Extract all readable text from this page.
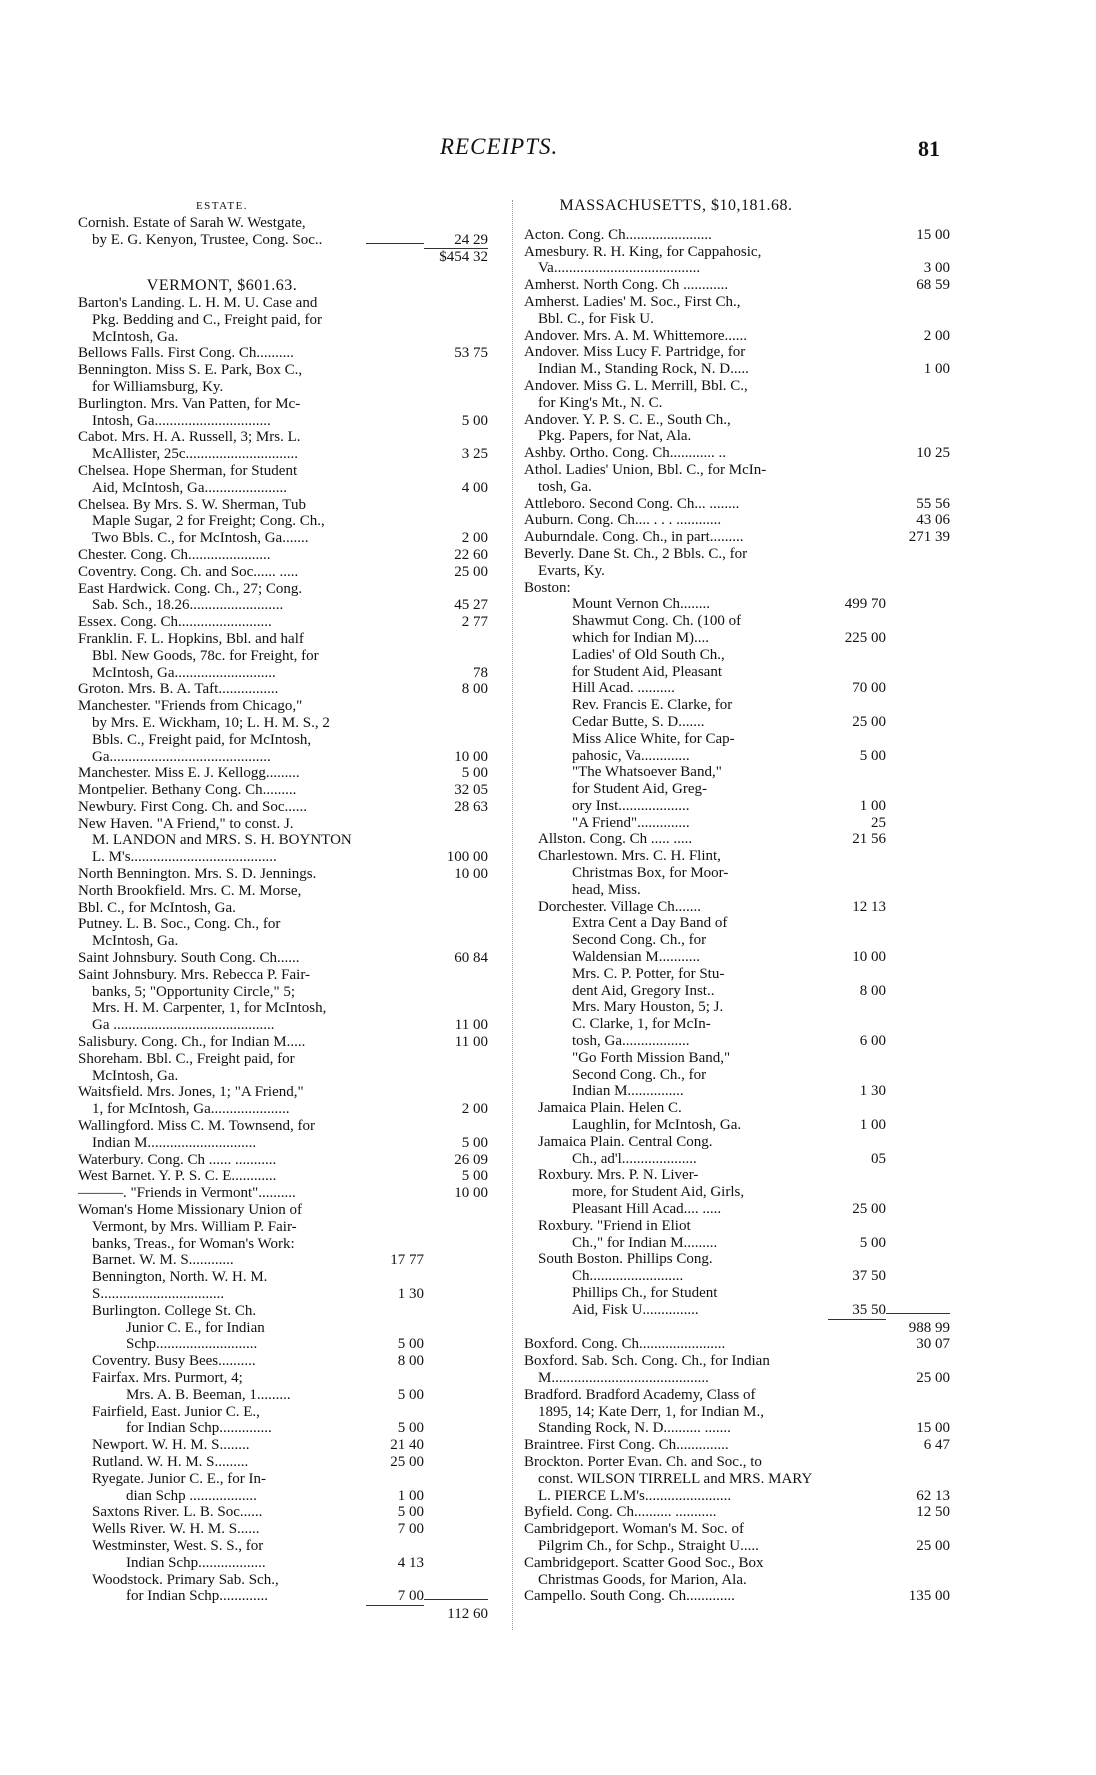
RECEIPTS.	81
ESTATE.
Cornish. Estate of Sarah W. Westgate,
by E. G. Kenyon, Trustee, Cong. Soc..	24 29
$454 32
VERMONT, $601.63.
Barton's Landing. L. H. M. U. Case and
Pkg. Bedding and C., Freight paid, for
McIntosh, Ga.
Bellows Falls. First Cong. Ch..........	53 75
Bennington. Miss S. E. Park, Box C.,
for Williamsburg, Ky.
Burlington. Mrs. Van Patten, for Mc-
Intosh, Ga...............................	5 00
Cabot. Mrs. H. A. Russell, 3; Mrs. L.
McAllister, 25c..............................	3 25
Chelsea. Hope Sherman, for Student
Aid, McIntosh, Ga......................	4 00
Chelsea. By Mrs. S. W. Sherman, Tub
Maple Sugar, 2 for Freight; Cong. Ch.,
Two Bbls. C., for McIntosh, Ga.......	2 00
Chester. Cong. Ch......................	22 60
Coventry. Cong. Ch. and Soc...... .....	25 00
East Hardwick. Cong. Ch., 27; Cong.
Sab. Sch., 18.26.........................	45 27
Essex. Cong. Ch.........................	2 77
Franklin. F. L. Hopkins, Bbl. and half
Bbl. New Goods, 78c. for Freight, for
McIntosh, Ga...........................	78
Groton. Mrs. B. A. Taft................	8 00
Manchester. "Friends from Chicago,"
by Mrs. E. Wickham, 10; L. H. M. S., 2
Bbls. C., Freight paid, for McIntosh,
Ga...........................................	10 00
Manchester. Miss E. J. Kellogg.........	5 00
Montpelier. Bethany Cong. Ch.........	32 05
Newbury. First Cong. Ch. and Soc......	28 63
New Haven. "A Friend," to const. J.
M. LANDON and MRS. S. H. BOYNTON
L. M's.......................................	100 00
North Bennington. Mrs. S. D. Jennings.	10 00
North Brookfield. Mrs. C. M. Morse,
Bbl. C., for McIntosh, Ga.
Putney. L. B. Soc., Cong. Ch., for
McIntosh, Ga.
Saint Johnsbury. South Cong. Ch......	60 84
Saint Johnsbury. Mrs. Rebecca P. Fair-
banks, 5; "Opportunity Circle," 5;
Mrs. H. M. Carpenter, 1, for McIntosh,
Ga ...........................................	11 00
Salisbury. Cong. Ch., for Indian M.....	11 00
Shoreham. Bbl. C., Freight paid, for
McIntosh, Ga.
Waitsfield. Mrs. Jones, 1; "A Friend,"
1, for McIntosh, Ga.....................	2 00
Wallingford. Miss C. M. Townsend, for
Indian M.............................	5 00
Waterbury. Cong. Ch ...... ...........	26 09
West Barnet. Y. P. S. C. E............	5 00
———. "Friends in Vermont"..........	10 00
Woman's Home Missionary Union of
Vermont, by Mrs. William P. Fair-
banks, Treas., for Woman's Work:
Barnet. W. M. S............	17 77
Bennington, North. W. H. M.
S.................................	1 30
Burlington. College St. Ch.
Junior C. E., for Indian
Schp...........................	5 00
Coventry. Busy Bees..........	8 00
Fairfax. Mrs. Purmort, 4;
Mrs. A. B. Beeman, 1.........	5 00
Fairfield, East. Junior C. E.,
for Indian Schp..............	5 00
Newport. W. H. M. S........	21 40
Rutland. W. H. M. S.........	25 00
Ryegate. Junior C. E., for In-
dian Schp ..................	1 00
Saxtons River. L. B. Soc......	5 00
Wells River. W. H. M. S......	7 00
Westminster, West. S. S., for
Indian Schp..................	4 13
Woodstock. Primary Sab. Sch.,
for Indian Schp.............	7 00
112 60
MASSACHUSETTS, $10,181.68.
Acton. Cong. Ch.......................	15 00
Amesbury. R. H. King, for Cappahosic,
Va.......................................	3 00
Amherst. North Cong. Ch ............	68 59
Amherst. Ladies' M. Soc., First Ch.,
Bbl. C., for Fisk U.
Andover. Mrs. A. M. Whittemore......	2 00
Andover. Miss Lucy F. Partridge, for
Indian M., Standing Rock, N. D.....	1 00
Andover. Miss G. L. Merrill, Bbl. C.,
for King's Mt., N. C.
Andover. Y. P. S. C. E., South Ch.,
Pkg. Papers, for Nat, Ala.
Ashby. Ortho. Cong. Ch............ ..	10 25
Athol. Ladies' Union, Bbl. C., for McIn-
tosh, Ga.
Attleboro. Second Cong. Ch... ........	55 56
Auburn. Cong. Ch.... . . . ............	43 06
Auburndale. Cong. Ch., in part.........	271 39
Beverly. Dane St. Ch., 2 Bbls. C., for
Evarts, Ky.
Boston:
Mount Vernon Ch........	499 70
Shawmut Cong. Ch. (100 of
which for Indian M)....	225 00
Ladies' of Old South Ch.,
for Student Aid, Pleasant
Hill Acad. ..........	70 00
Rev. Francis E. Clarke, for
Cedar Butte, S. D.......	25 00
Miss Alice White, for Cap-
pahosic, Va.............	5 00
"The Whatsoever Band,"
for Student Aid, Greg-
ory Inst...................	1 00
"A Friend"..............	25
Allston. Cong. Ch ..... .....	21 56
Charlestown. Mrs. C. H. Flint,
Christmas Box, for Moor-
head, Miss.
Dorchester. Village Ch.......	12 13
Extra Cent a Day Band of
Second Cong. Ch., for
Waldensian M...........	10 00
Mrs. C. P. Potter, for Stu-
dent Aid, Gregory Inst..	8 00
Mrs. Mary Houston, 5; J.
C. Clarke, 1, for McIn-
tosh, Ga..................	6 00
"Go Forth Mission Band,"
Second Cong. Ch., for
Indian M...............	1 30
Jamaica Plain. Helen C.
Laughlin, for McIntosh, Ga.	1 00
Jamaica Plain. Central Cong.
Ch., ad'l....................	05
Roxbury. Mrs. P. N. Liver-
more, for Student Aid, Girls,
Pleasant Hill Acad.... .....	25 00
Roxbury. "Friend in Eliot
Ch.," for Indian M.........	5 00
South Boston. Phillips Cong.
Ch.........................	37 50
Phillips Ch., for Student
Aid, Fisk U...............	35 50
988 99
Boxford. Cong. Ch.......................	30 07
Boxford. Sab. Sch. Cong. Ch., for Indian
M..........................................	25 00
Bradford. Bradford Academy, Class of
1895, 14; Kate Derr, 1, for Indian M.,
Standing Rock, N. D.......... .......	15 00
Braintree. First Cong. Ch..............	6 47
Brockton. Porter Evan. Ch. and Soc., to
const. WILSON TIRRELL and MRS. MARY
L. PIERCE L.M's.......................	62 13
Byfield. Cong. Ch.......... ...........	12 50
Cambridgeport. Woman's M. Soc. of
Pilgrim Ch., for Schp., Straight U.....	25 00
Cambridgeport. Scatter Good Soc., Box
Christmas Goods, for Marion, Ala.
Campello. South Cong. Ch.............	135 00
